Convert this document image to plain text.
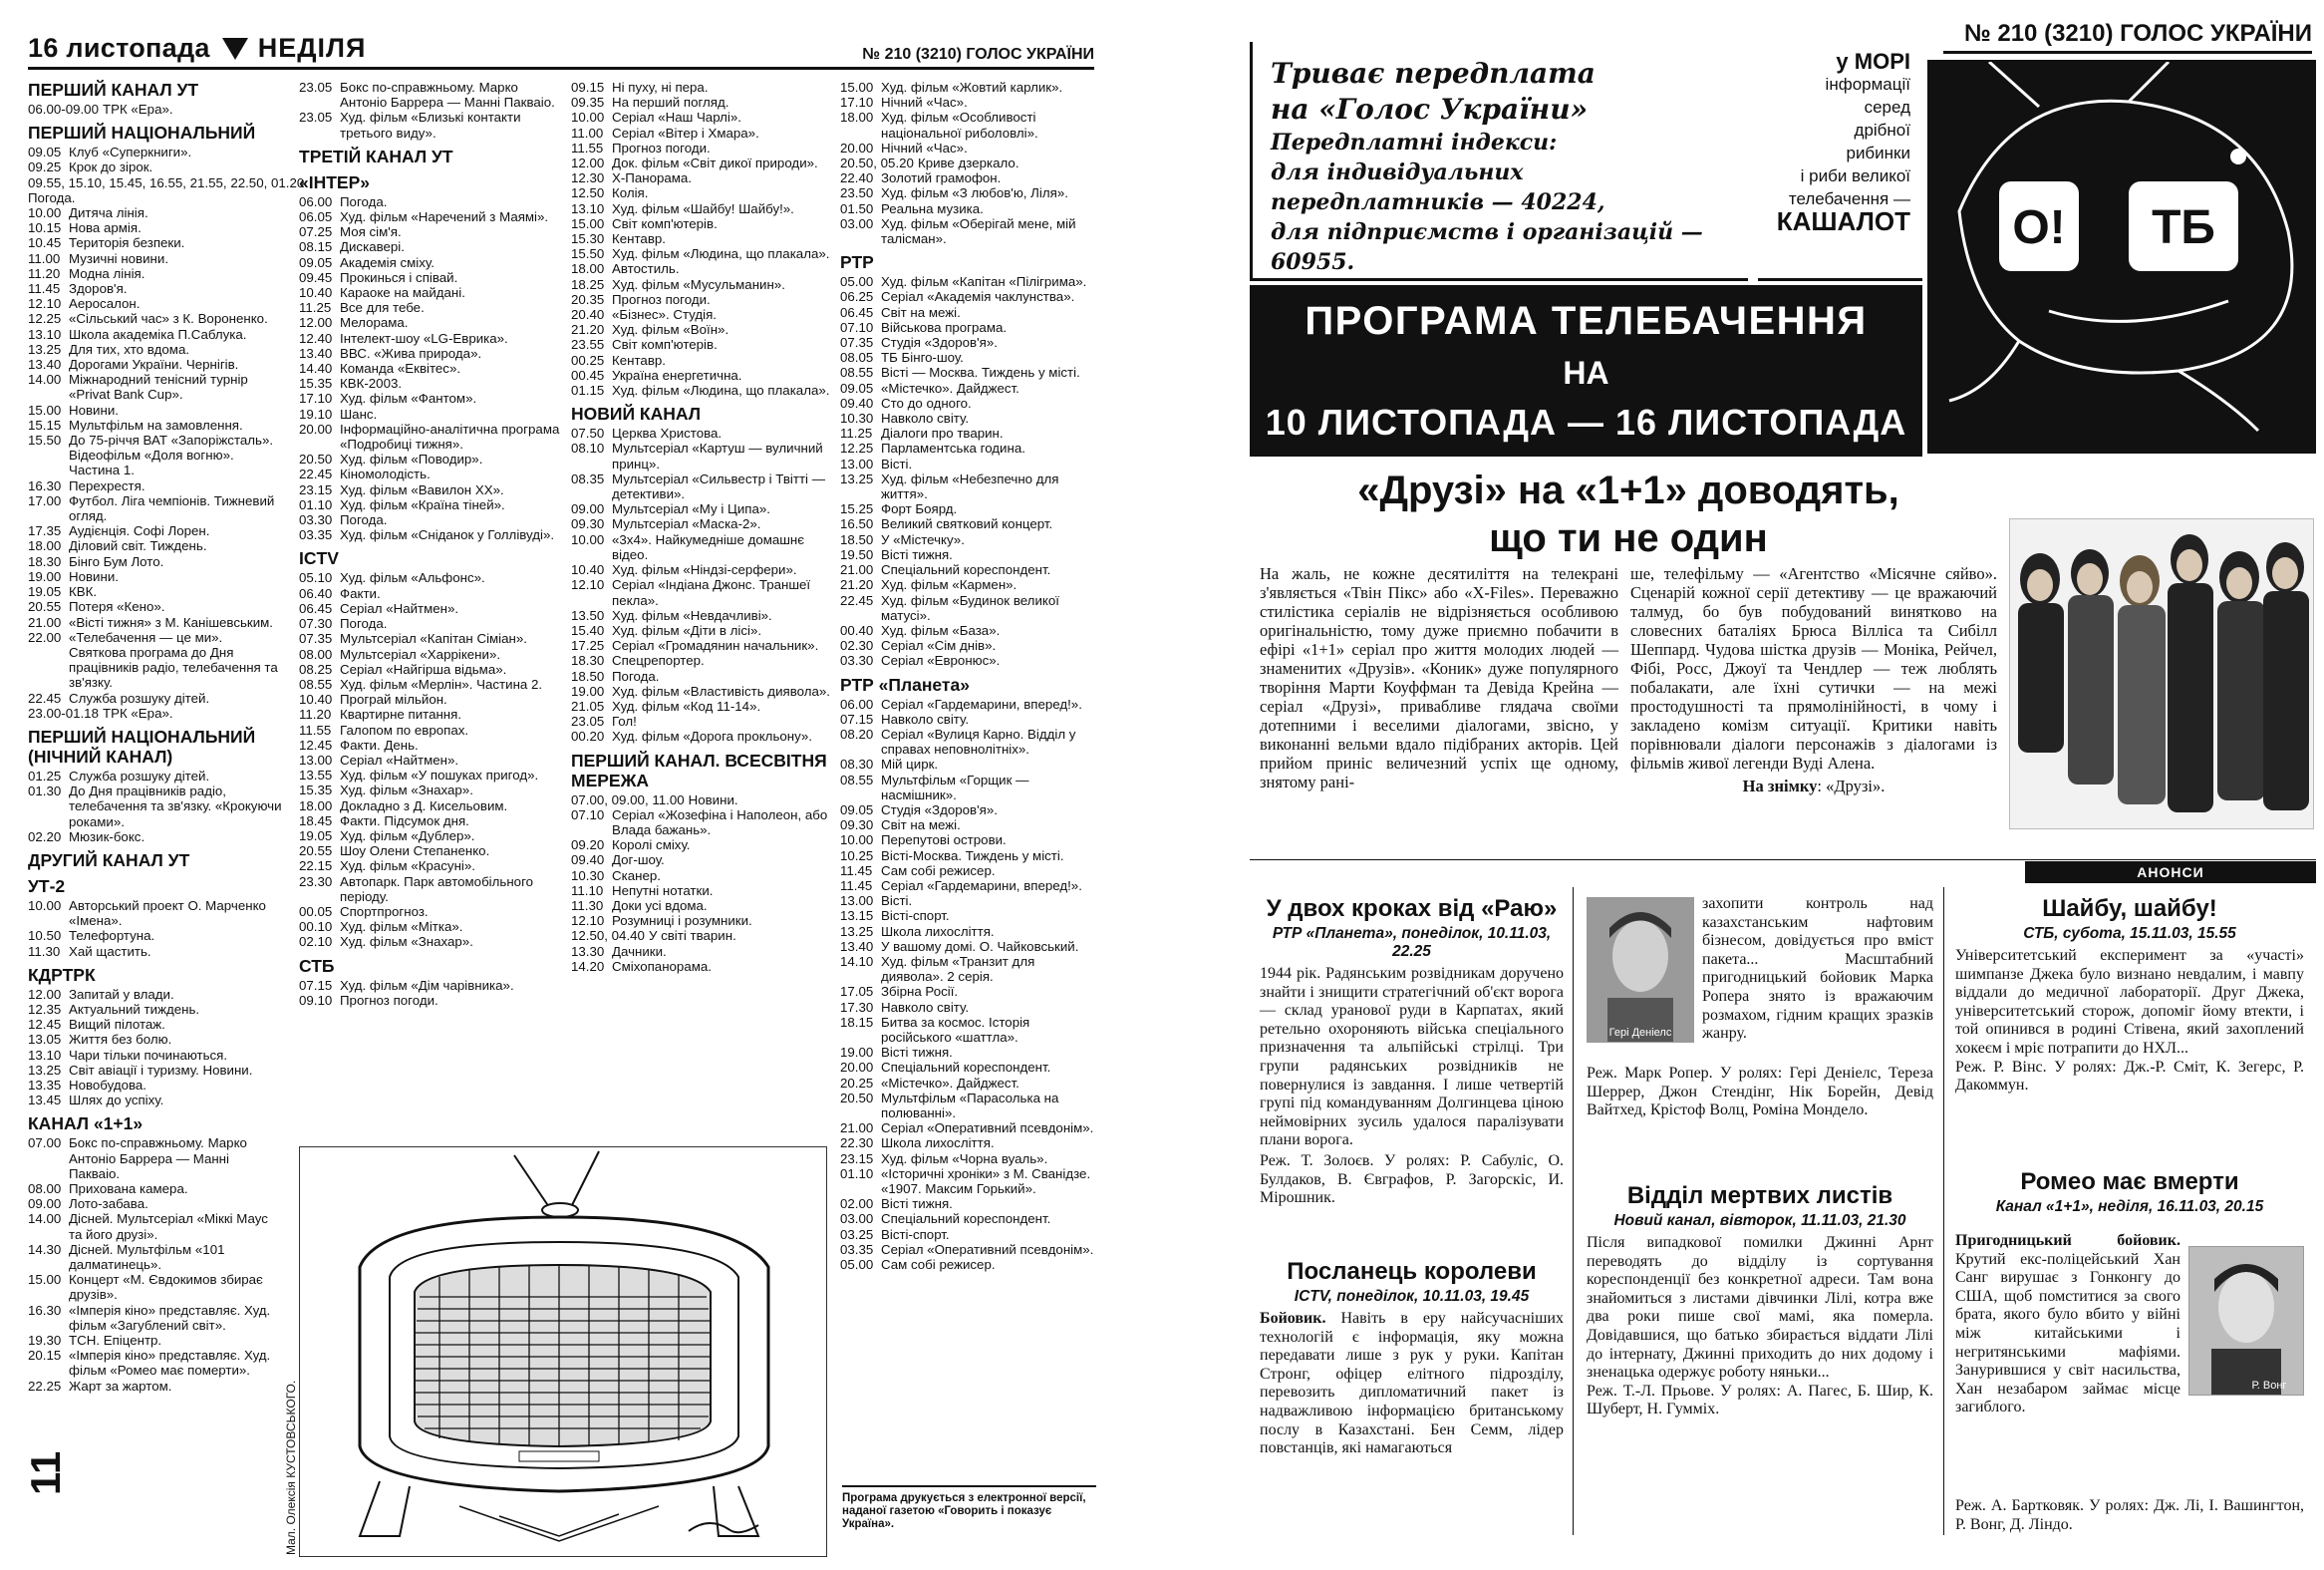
16 листопада НЕДІЛЯ	№ 210 (3210) ГОЛОС УКРАЇНИ
ПЕРШИЙ КАНАЛ УТ
06.00-09.00 ТРК «Ера».
ПЕРШИЙ НАЦІОНАЛЬНИЙ
09.05 Клуб «Суперкниги».
09.25 Крок до зірок.
09.55, 15.10, 15.45, 16.55, 21.55, 22.50, 01.20
Погода.
10.00 Дитяча лінія.
10.15 Нова армія.
10.45 Територія безпеки.
11.00 Музичні новини.
11.20 Модна лінія.
11.45 Здоров'я.
12.10 Аеросалон.
12.25 «Сільський час» з К. Вороненко.
13.10 Школа академіка П.Саблука.
13.25 Для тих, хто вдома.
13.40 Дорогами України. Чернігів.
14.00 Міжнародний тенісний турнір «Privat Bank Cup».
15.00 Новини.
15.15 Мультфільм на замовлення.
15.50 До 75-річчя ВАТ «Запоріжсталь». Відеофільм «Доля вогню». Частина 1.
16.30 Перехрестя.
17.00 Футбол. Ліга чемпіонів. Тижневий огляд.
17.35 Аудієнція. Софі Лорен.
18.00 Діловий світ. Тиждень.
18.30 Бінго Бум Лото.
19.00 Новини.
19.05 КВК.
20.55 Потеря «Кено».
21.00 «Вісті тижня» з М. Канішевським.
22.00 «Телебачення — це ми». Святкова програма до Дня працівників радіо, телебачення та зв'язку.
22.45 Служба розшуку дітей.
23.00-01.18 ТРК «Ера».
ПЕРШИЙ НАЦІОНАЛЬНИЙ (НІЧНИЙ КАНАЛ)
01.25 Служба розшуку дітей.
01.30 До Дня працівників радіо, телебачення та зв'язку. «Крокуючи роками».
02.20 Мюзик-бокс.
ДРУГИЙ КАНАЛ УТ
УТ-2
10.00 Авторський проект О. Марченко «Імена».
10.50 Телефортуна.
11.30 Хай щастить.
КДРТРК
12.00 Запитай у влади.
12.35 Актуальний тиждень.
12.45 Вищий пілотаж.
13.05 Життя без болю.
13.10 Чари тільки починаються.
13.25 Світ авіації і туризму. Новини.
13.35 Новобудова.
13.45 Шлях до успіху.
КАНАЛ «1+1»
07.00 Бокс по-справжньому. Марко Антоніо Баррера — Манні Пакваіо.
08.00 Прихована камера.
09.00 Лото-забава.
14.00 Дісней. Мультсеріал «Міккі Маус та його друзі».
14.30 Дісней. Мультфільм «101 далматинець».
15.00 Концерт «М. Євдокимов збирає друзів».
16.30 «Імперія кіно» представляє. Худ. фільм «Загублений світ».
19.30 ТСН. Епіцентр.
20.15 «Імперія кіно» представляє. Худ. фільм «Ромео має померти».
22.25 Жарт за жартом.
23.05 Бокс по-справжньому. Марко Антоніо Баррера — Манні Пакваіо.
23.05 Худ. фільм «Близькі контакти третього виду».
ТРЕТІЙ КАНАЛ УТ
«ІНТЕР»
06.00 Погода.
06.05 Худ. фільм «Наречений з Маямі».
07.25 Моя сім'я.
08.15 Дискавері.
09.05 Академія сміху.
09.45 Прокинься і співай.
10.40 Караоке на майдані.
11.25 Все для тебе.
12.00 Мелорама.
12.40 Інтелект-шоу «LG-Еврика».
13.40 ВВС. «Жива природа».
14.40 Команда «Еквітес».
15.35 КВК-2003.
17.10 Худ. фільм «Фантом».
19.10 Шанс.
20.00 Інформаційно-аналітична програма «Подробиці тижня».
20.50 Худ. фільм «Поводир».
22.45 Кіномолодість.
23.15 Худ. фільм «Вавилон XX».
01.10 Худ. фільм «Країна тіней».
03.30 Погода.
03.35 Худ. фільм «Сніданок у Голлівуді».
ICTV
05.10 Худ. фільм «Альфонс».
06.40 Факти.
06.45 Серіал «Найтмен».
07.30 Погода.
07.35 Мультсеріал «Капітан Сіміан».
08.00 Мультсеріал «Харрікени».
08.25 Серіал «Найгірша відьма».
08.55 Худ. фільм «Мерлін». Частина 2.
10.40 Програй мільйон.
11.20 Квартирне питання.
11.55 Галопом по европах.
12.45 Факти. День.
13.00 Серіал «Найтмен».
13.55 Худ. фільм «У пошуках пригод».
15.35 Худ. фільм «Знахар».
18.00 Докладно з Д. Кисельовим.
18.45 Факти. Підсумок дня.
19.05 Худ. фільм «Дублер».
20.55 Шоу Олени Степаненко.
22.15 Худ. фільм «Красуні».
23.30 Автопарк. Парк автомобільного періоду.
00.05 Спортпрогноз.
00.10 Худ. фільм «Мітка».
02.10 Худ. фільм «Знахар».
СТБ
07.15 Худ. фільм «Дім чарівника».
09.10 Прогноз погоди.
09.15 Ні пуху, ні пера.
09.35 На перший погляд.
10.00 Серіал «Наш Чарлі».
11.00 Серіал «Вітер і Хмара».
11.55 Прогноз погоди.
12.00 Док. фільм «Світ дикої природи».
12.30 Х-Панорама.
12.50 Колія.
13.10 Худ. фільм «Шайбу! Шайбу!».
15.00 Світ комп'ютерів.
15.30 Кентавр.
15.50 Худ. фільм «Людина, що плакала».
18.00 Автостиль.
18.25 Худ. фільм «Мусульманин».
20.35 Прогноз погоди.
20.40 «Бізнес». Студія.
21.20 Худ. фільм «Воїн».
23.55 Світ комп'ютерів.
00.25 Кентавр.
00.45 Україна енергетична.
01.15 Худ. фільм «Людина, що плакала».
НОВИЙ КАНАЛ
07.50 Церква Христова.
08.10 Мультсеріал «Картуш — вуличний принц».
08.35 Мультсеріал «Сильвестр і Твітті — детективи».
09.00 Мультсеріал «Му і Ципа».
09.30 Мультсеріал «Маска-2».
10.00 «3х4». Найкумедніше домашнє відео.
10.40 Худ. фільм «Ніндзі-серфери».
12.10 Серіал «Індіана Джонс. Траншеї пекла».
13.50 Худ. фільм «Невдачливі».
15.40 Худ. фільм «Діти в лісі».
17.25 Серіал «Громадянин начальник».
18.30 Спецрепортер.
18.50 Погода.
19.00 Худ. фільм «Властивість диявола».
21.05 Худ. фільм «Код 11-14».
23.05 Гол!
00.20 Худ. фільм «Дорога прокльону».
ПЕРШИЙ КАНАЛ. ВСЕСВІТНЯ МЕРЕЖА
07.00, 09.00, 11.00 Новини.
07.10 Серіал «Жозефіна і Наполеон, або Влада бажань».
09.20 Королі сміху.
09.40 Дог-шоу.
10.30 Сканер.
11.10 Непутні нотатки.
11.30 Доки усі вдома.
12.10 Розумниці і розумники.
12.50, 04.40 У світі тварин.
13.30 Дачники.
14.20 Сміхопанорама.
15.00 Худ. фільм «Жовтий карлик».
17.10 Нічний «Час».
18.00 Худ. фільм «Особливості національної риболовлі».
20.00 Нічний «Час».
20.50, 05.20 Криве дзеркало.
22.40 Золотий грамофон.
23.50 Худ. фільм «З любов'ю, Ліля».
01.50 Реальна музика.
03.00 Худ. фільм «Оберігай мене, мій талісман».
РТР
05.00 Худ. фільм «Капітан «Пілігрима».
06.25 Серіал «Академія чаклунства».
06.45 Світ на межі.
07.10 Військова програма.
07.35 Студія «Здоров'я».
08.05 ТБ Бінго-шоу.
08.55 Вісті — Москва. Тиждень у місті.
09.05 «Містечко». Дайджест.
09.40 Сто до одного.
10.30 Навколо світу.
11.25 Діалоги про тварин.
12.25 Парламентська година.
13.00 Вісті.
13.25 Худ. фільм «Небезпечно для життя».
15.25 Форт Боярд.
16.50 Великий святковий концерт.
18.50 У «Містечку».
19.50 Вісті тижня.
21.00 Спеціальний кореспондент.
21.20 Худ. фільм «Кармен».
22.45 Худ. фільм «Будинок великої матусі».
00.40 Худ. фільм «База».
02.30 Серіал «Сім днів».
03.30 Серіал «Евронюс».
РТР «Планета»
06.00 Серіал «Гардемарини, вперед!».
07.15 Навколо світу.
08.20 Серіал «Вулиця Карно. Відділ у справах неповнолітніх».
08.30 Мій цирк.
08.55 Мультфільм «Горщик — насмішник».
09.05 Студія «Здоров'я».
09.30 Світ на межі.
10.00 Перепутові острови.
10.25 Вісті-Москва. Тиждень у місті.
11.45 Сам собі режисер.
11.45 Серіал «Гардемарини, вперед!».
13.00 Вісті.
13.15 Вісті-спорт.
13.25 Школа лихосліття.
13.40 У вашому домі. О. Чайковський.
14.10 Худ. фільм «Транзит для диявола». 2 серія.
17.05 Збірна Росії.
17.30 Навколо світу.
18.15 Битва за космос. Історія російського «шаттла».
19.00 Вісті тижня.
20.00 Спеціальний кореспондент.
20.25 «Містечко». Дайджест.
20.50 Мультфільм «Парасолька на полюванні».
21.00 Серіал «Оперативний псевдонім».
22.30 Школа лихосліття.
23.15 Худ. фільм «Чорна вуаль».
01.10 «Історичні хроніки» з М. Сванідзе. «1907. Максим Горький».
02.00 Вісті тижня.
03.00 Спеціальний кореспондент.
03.25 Вісті-спорт.
03.35 Серіал «Оперативний псевдонім».
05.00 Сам собі режисер.
Мал. Олексія КУСТОВСЬКОГО.
11
Програма друкується з електронної версії, наданої газетою «Говорить і показує Україна».
№ 210 (3210) ГОЛОС УКРАЇНИ
Триває передплата
на «Голос України»
Передплатні індекси:
для індивідуальних
передплатників — 40224,
для підприємств і організацій — 60955.
у МОРІ
інформації
серед
дрібної
рибинки
і риби великої
телебачення —
КАШАЛОТ О! ТБ
ПРОГРАМА ТЕЛЕБАЧЕННЯ
НА
10 ЛИСТОПАДА — 16 ЛИСТОПАДА
«Друзі» на «1+1» доводять,
що ти не один
На жаль, не кожне десятиліття на телекрані з'являється «Твін Пікс» або «X-Files». Переважно стилістика серіалів не відрізняється особливою оригінальністю, тому дуже приємно побачити в ефірі «1+1» серіал про життя молодих людей — знаменитих «Друзів». «Коник» дуже популярного творіння Марти Коуффман та Девіда Крейна — серіал «Друзі», привабливе глядача своїми дотепними і веселими діалогами, звісно, у виконанні вельми вдало підібраних акторів. Цей прийом приніс величезний успіх ще одному, знятому рані-
ше, телефільму — «Агентство «Місячне сяйво». Сценарій кожної серії детективу — це вражаючий талмуд, бо був побудований винятково на словесних баталіях Брюса Вілліса та Сибілл Шеппард. Чудова шістка друзів — Моніка, Рейчел, Фібі, Росс, Джоуї та Чендлер — теж люблять побалакати, але їхні сутички — на межі простодушності та прямолінійності, в чому і закладено комізм ситуації. Критики навіть порівнювали діалоги персонажів з діалогами із фільмів живої легенди Вуді Алена.
На знімку: «Друзі».
АНОНСИ
У двох кроках від «Раю»
РТР «Планета», понеділок, 10.11.03, 22.25

1944 рік. Радянським розвідникам доручено знайти і знищити стратегічний об'єкт ворога — склад уранової руди в Карпатах, який ретельно охороняють війська спеціального призначення та альпійські стрілці. Три групи радянських розвідників не повернулися із завдання. І лише четвертій групі під командуванням Долгинцева ціною неймовірних зусиль удалося паралізувати плани ворога.

Реж. Т. Золоєв. У ролях: Р. Сабуліс, О. Булдаков, В. Євграфов, Р. Загорскіс, И. Мірошник.

Посланець королеви
ICTV, понеділок, 10.11.03, 19.45

Бойовик. Навіть в еру найсучасніших технологій є інформація, яку можна передавати лише з рук у руки. Капітан Стронг, офіцер елітного підрозділу, перевозить дипломатичний пакет із надважливою інформацією британському послу в Казахстані. Бен Семм, лідер повстанців, які намагаються

Гері Деніелс

захопити контроль над казахстанським нафтовим бізнесом, довідується про вміст пакета... Масштабний пригодницький бойовик Марка Ропера знято із вражаючим розмахом, гідним кращих зразків жанру.

Реж. Марк Ропер. У ролях: Гері Деніелс, Тереза Шеррер, Джон Стендінг, Нік Борейн, Девід Вайтхед, Крістоф Волц, Роміна Мондело.

Відділ мертвих листів
Новий канал, вівторок, 11.11.03, 21.30

Після випадкової помилки Джинні Арнт переводять до відділу із сортування кореспонденції без конкретної адреси. Там вона знайомиться з листами дівчинки Лілі, котра вже два роки пише свої мамі, яка померла. Довідавшися, що батько збирається віддати Лілі до інтернату, Джинні приходить до них додому і зненацька одержує роботу няньки...

Реж. Т.-Л. Прьове. У ролях: А. Пагес, Б. Шир, К. Шуберт, Н. Гумміх.

Шайбу, шайбу!
СТБ, субота, 15.11.03, 15.55

Університетський експеримент за «участі» шимпанзе Джека було визнано невдалим, і мавпу віддали до медичної лабораторії. Друг Джека, університетський сторож, допоміг йому втекти, і той опинився в родині Стівена, який захоплений хокеєм і мріє потрапити до НХЛ...

Реж. Р. Вінс. У ролях: Дж.-Р. Сміт, К. Зегерс, Р. Дакоммун.

Ромео має вмерти
Канал «1+1», неділя, 16.11.03, 20.15

Пригодницький бойовик. Крутий екс-поліцейський Хан Санг вирушає з Гонконгу до США, щоб помститися за свого брата, якого було вбито у війні між китайськими і негритянськими мафіями. Занурившися у світ насильства, Хан незабаром займає місце загиблого.

Реж. А. Бартковяк. У ролях: Дж. Лі, І. Вашингтон, Р. Вонг, Д. Ліндо.

Р. Вонг
